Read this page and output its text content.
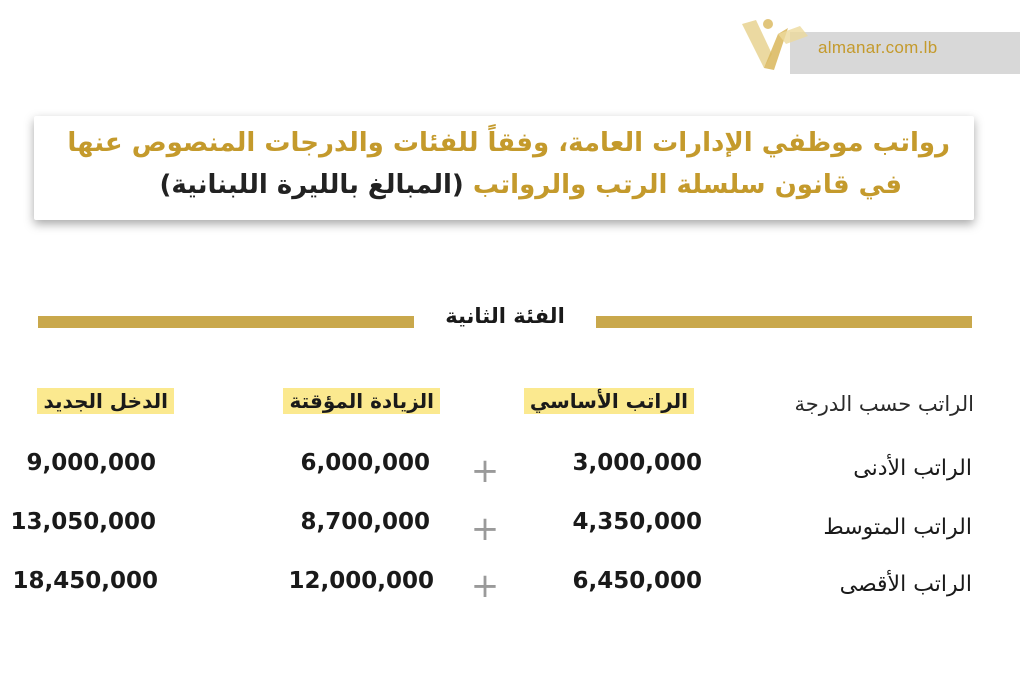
almanar.com.lb
رواتب موظفي الإدارات العامة، وفقاً للفئات والدرجات المنصوص عنها
في قانون سلسلة الرتب والرواتب (المبالغ بالليرة اللبنانية)
الفئة الثانية
الراتب حسب الدرجة
الراتب الأساسي
الزيادة المؤقتة
الدخل الجديد
الراتب الأدنى
3,000,000
+
6,000,000
9,000,000
الراتب المتوسط
4,350,000
+
8,700,000
13,050,000
الراتب الأقصى
6,450,000
+
12,000,000
18,450,000
